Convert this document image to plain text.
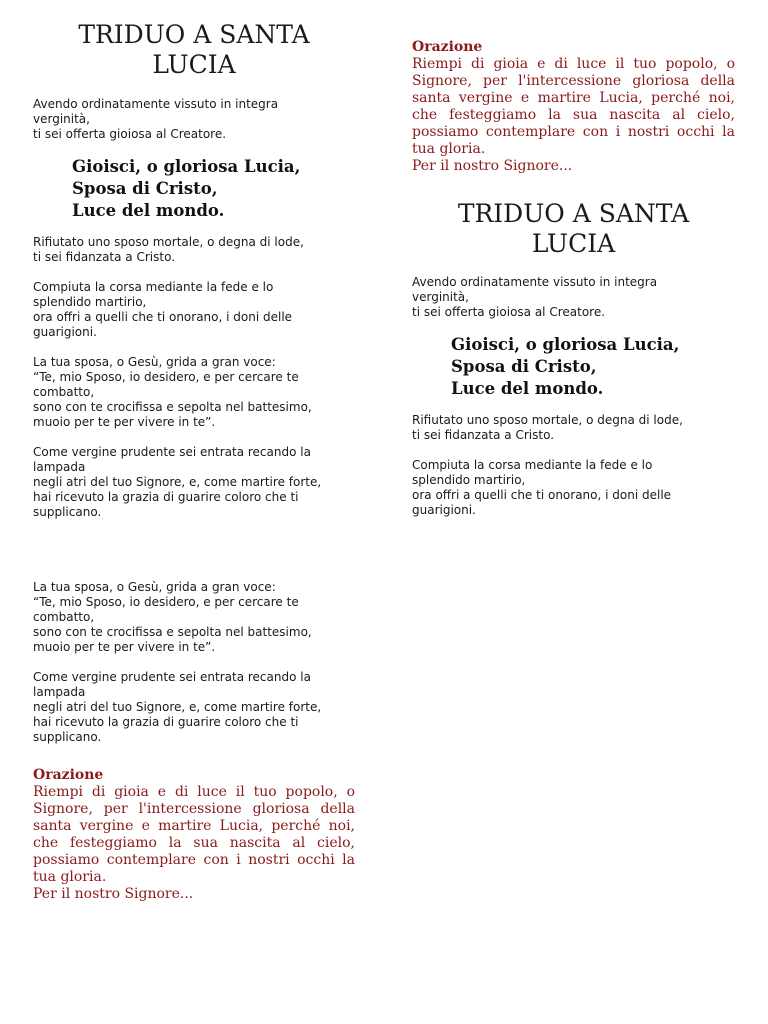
TRIDUO A SANTA
LUCIA
Avendo ordinatamente vissuto in integra
verginità,
ti sei offerta gioiosa al Creatore.
Gioisci, o gloriosa Lucia,
Sposa di Cristo,
Luce del mondo.
Rifiutato uno sposo mortale, o degna di lode,
ti sei fidanzata a Cristo.
Compiuta la corsa mediante la fede e lo
splendido martirio,
ora offri a quelli che ti onorano, i doni delle
guarigioni.
La tua sposa, o Gesù, grida a gran voce:
“Te, mio Sposo, io desidero, e per cercare te
combatto,
sono con te crocifissa e sepolta nel battesimo,
muoio per te per vivere in te”.
Come vergine prudente sei entrata recando la
lampada
negli atri del tuo Signore, e, come martire forte,
hai ricevuto la grazia di guarire coloro che ti
supplicano.
La tua sposa, o Gesù, grida a gran voce:
“Te, mio Sposo, io desidero, e per cercare te
combatto,
sono con te crocifissa e sepolta nel battesimo,
muoio per te per vivere in te”.
Come vergine prudente sei entrata recando la
lampada
negli atri del tuo Signore, e, come martire forte,
hai ricevuto la grazia di guarire coloro che ti
supplicano.
Orazione

Riempi di gioia e di luce il tuo popolo, o Signore, per l'intercessione gloriosa della santa vergine e martire Lucia, perché noi, che festeggiamo la sua nascita al cielo, possiamo contemplare con i nostri occhi la tua gloria.

Per il nostro Signore...

Orazione

Riempi di gioia e di luce il tuo popolo, o Signore, per l'intercessione gloriosa della santa vergine e martire Lucia, perché noi, che festeggiamo la sua nascita al cielo, possiamo contemplare con i nostri occhi la tua gloria.

Per il nostro Signore...

TRIDUO A SANTA
LUCIA
Avendo ordinatamente vissuto in integra
verginità,
ti sei offerta gioiosa al Creatore.
Gioisci, o gloriosa Lucia,
Sposa di Cristo,
Luce del mondo.
Rifiutato uno sposo mortale, o degna di lode,
ti sei fidanzata a Cristo.
Compiuta la corsa mediante la fede e lo
splendido martirio,
ora offri a quelli che ti onorano, i doni delle
guarigioni.
